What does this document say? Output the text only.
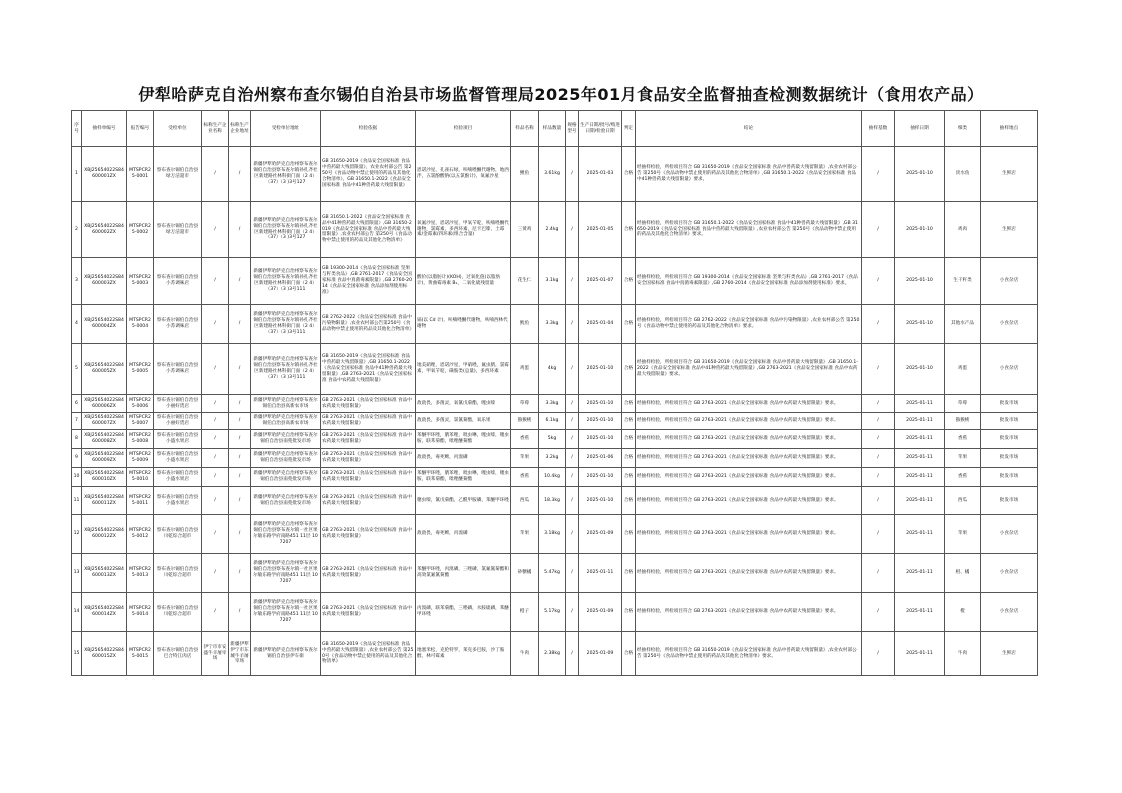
伊犁哈萨克自治州察布查尔锡伯自治县市场监督管理局2025年01月食品安全监督抽查检测数据统计（食用农产品）
序号	抽样单编号	报告编号	受检单位	标称生产企业名称	标称生产企业地址	受检单位地址	检验依据	检验项目	样品名称	样品数量	规格型号	生产日期/批号/购进日期/检验日期	判定	结论	抽样基数	抽样日期	细类	抽样地点
1	XBJ25654022S84600001ZX	MTSPCR25-0001	察布查尔锡伯自治县绿万洁超市	/	/	新疆伊犁哈萨克自治州察布查尔锡伯自治县察布查尔镇孙扎齐社区新建路社林科街门面（2 4）（37）（3 )3号127	GB 31650-2019《食品安全国家标准 食品中兽药最大残留限量》，农业农村部公告 第250号《食品动物中禁止使用的药品及其他化合物清单》，GB 31650.1-2022《食品安全国家标准 食品中41种兽药最大残留限量》	恩诺沙星，孔雀石绿，呋喃唑酮代谢物，地西泮，五氯酚酸钠(以五氯酚计)，氧氟沙星	鲤鱼	3.61kg	/	2025-01-03	合格	经抽样检验，所检项目符合 GB 31650-2019《食品安全国家标准 食品中兽药最大残留限量》,农业农村部公告 第250号《食品动物中禁止使用的药品及其他化合物清单》,GB 31650.1-2022《食品安全国家标准 食品中41种兽药最大残留限量》要求。	/	2025-01-10	淡水鱼	生鲜店
2	XBJ25654022S84600002ZX	MTSPCR25-0002	察布查尔锡伯自治县绿万洁超市	/	/	新疆伊犁哈萨克自治州察布查尔锡伯自治县察布查尔镇孙扎齐社区新建路社林科街门面（2 4）（37）（3 )3号127	GB 31650.1-2022《食品安全国家标准 食品中41种兽药最大残留限量》,GB 31650-2019《食品安全国家标准 食品中兽药最大残留限量》,农业农村部公告 第250号《食品动物中禁止使用的药品及其他化合物清单》	氧氟沙星，恩诺沙星，甲氧苄啶，呋喃唑酮代谢物，氯霉素，多西环素，尼卡巴嗪，土霉素/金霉素/四环素(组合含量)	三黄鸡	2.4kg	/	2025-01-05	合格	经抽样检验，所检项目符合 GB 31650.1-2022《食品安全国家标准 食品中41种兽药最大残留限量》,GB 31650-2019《食品安全国家标准 食品中兽药最大残留限量》,农业农村部公告 第250号《食品动物中禁止使用的药品及其他化合物清单》要求。	/	2025-01-10	鸡肉	生鲜店
3	XBJ25654022S84600003ZX	MTSPCR25-0003	察布查尔锡伯自治县小苏调味店	/	/	新疆伊犁哈萨克自治州察布查尔锡伯自治县察布查尔镇孙扎齐社区新建路社林科街门面（2 4）（37）（3 )3号111	GB 19300-2014《食品安全国家标准 坚果与籽类食品》,GB 2761-2017《食品安全国家标准 食品中真菌毒素限量》,GB 2760-2014《食品安全国家标准 食品添加剂使用标准》	酸价(以脂肪计)(KOH)，过氧化值(以脂肪计)，黄曲霉毒素 B₁，二氧化硫残留量	花生仁	3.1kg	/	2025-01-07	合格	经抽样检验，所检项目符合 GB 19300-2014《食品安全国家标准 坚果与籽类食品》,GB 2761-2017《食品安全国家标准 食品中真菌毒素限量》,GB 2760-2014《食品安全国家标准 食品添加剂使用标准》要求。	/	2025-01-10	生干籽类	小食杂店
4	XBJ25654022S84600004ZX	MTSPCR25-0004	察布查尔锡伯自治县小苏调味店	/	/	新疆伊犁哈萨克自治州察布查尔锡伯自治县察布查尔镇孙扎齐社区新建路社林科街门面（2 4）（37）（3 )3号111	GB 2762-2022《食品安全国家标准 食品中污染物限量》,农业农村部公告第250号《食品动物中禁止使用的药品及其他化合物清单》	镉(以 Cd 计)，呋喃唑酮代谢物，呋喃西林代谢物	鱿鱼	3.3kg	/	2025-01-04	合格	经抽样检验，所检项目符合 GB 2762-2022《食品安全国家标准 食品中污染物限量》,农业农村部公告 第250号《食品动物中禁止使用的药品及其他化合物清单》要求。	/	2025-01-10	其他水产品	小食杂店
5	XBJ25654022S84600005ZX	MTSPCR25-0005	察布查尔锡伯自治县小苏调味店	/	/	新疆伊犁哈萨克自治州察布查尔锡伯自治县察布查尔镇孙扎齐社区新建路社林科街门面（2 4）（37）（3 )3号111	GB 31650-2019《食品安全国家标准 食品中兽药最大残留限量》,GB 31650.1-2022《食品安全国家标准 食品中41种兽药最大残留限量》,GB 2763-2021《食品安全国家标准 食品中农药最大残留限量》	地美硝唑，恩诺沙星，甲硝唑，氟虫腈，氯霉素，甲氧苄啶，磺胺类(总量)，多西环素	鸡蛋	4kg	/	2025-01-10	合格	经抽样检验，所检项目符合 GB 31650-2019《食品安全国家标准 食品中兽药最大残留限量》,GB 31650.1-2022《食品安全国家标准 食品中41种兽药最大残留限量》,GB 2763-2021《食品安全国家标准 食品中农药最大残留限量》要求。	/	2025-01-10	鸡蛋	小食杂店
6	XBJ25654022S84600006ZX	MTSPCR25-0006	察布查尔锡伯自治县小丽好货店	/	/	新疆伊犁哈萨克自治州察布查尔锡伯自治县高新农市场	GB 2763-2021《食品安全国家标准 食品中农药最大残留限量》	敌敌畏，多菌灵，氧氰戊菊酯，噻虫嗪	草莓	3.3kg	/	2025-01-10	合格	经抽样检验，所检项目符合 GB 2763-2021《食品安全国家标准 食品中农药最大残留限量》要求。	/	2025-01-11	草莓	批发市场
7	XBJ25654022S84600007ZX	MTSPCR25-0007	察布查尔锡伯自治县小丽好货店	/	/	新疆伊犁哈萨克自治州察布查尔锡伯自治县高新农市场	GB 2763-2021《食品安全国家标准 食品中农药最大残留限量》	敌敌畏，多菌灵，氯氰菊酯，氧乐果	猕猴桃	6.1kg	/	2025-01-10	合格	经抽样检验，所检项目符合 GB 2763-2021《食品安全国家标准 食品中农药最大残留限量》要求。	/	2025-01-11	猕猴桃	批发市场
8	XBJ25654022S84600008ZX	MTSPCR25-0008	察布查尔锡伯自治县小盛水果店	/	/	新疆伊犁哈萨克自治州察布查尔锡伯自治县南苑批发市场	GB 2763-2021《食品安全国家标准 食品中农药最大残留限量》	苯醚甲环唑，腈苯唑，吡虫啉，噻虫嗪，噻虫胺，联苯菊酯，吡唑醚菊酯	香蕉	5kg	/	2025-01-10	合格	经抽样检验，所检项目符合 GB 2763-2021《食品安全国家标准 食品中农药最大残留限量》要求。	/	2025-01-11	香蕉	批发市场
9	XBJ25654022S84600009ZX	MTSPCR25-0009	察布查尔锡伯自治县小盛水果店	/	/	新疆伊犁哈萨克自治州察布查尔锡伯自治县南苑批发市场	GB 2763-2021《食品安全国家标准 食品中农药最大残留限量》	敌敌畏，毒死蜱，丙溴磷	苹果	3.2kg	/	2025-01-06	合格	经抽样检验，所检项目符合 GB 2763-2021《食品安全国家标准 食品中农药最大残留限量》要求。	/	2025-01-11	苹果	批发市场
10	XBJ25654022S84600010ZX	MTSPCR25-0010	察布查尔锡伯自治县小盛水果店	/	/	新疆伊犁哈萨克自治州察布查尔锡伯自治县南苑批发市场	GB 2763-2021《食品安全国家标准 食品中农药最大残留限量》	苯醚甲环唑，腈苯唑，吡虫啉，噻虫嗪，噻虫胺，联苯菊酯，吡唑醚菊酯	香蕉	10.4kg	/	2025-01-10	合格	经抽样检验，所检项目符合 GB 2763-2021《食品安全国家标准 食品中农药最大残留限量》要求。	/	2025-01-11	香蕉	批发市场
11	XBJ25654022S84600011ZX	MTSPCR25-0011	察布查尔锡伯自治县小盛水果店	/	/	新疆伊犁哈萨克自治州察布查尔锡伯自治县南苑批发市场	GB 2763-2021《食品安全国家标准 食品中农药最大残留限量》	噻虫嗪，氰戊菊酯，乙酰甲胺磷，苯醚甲环唑	西瓜	18.3kg	/	2025-01-10	合格	经抽样检验，所检项目符合 GB 2763-2021《食品安全国家标准 食品中农药最大残留限量》要求。	/	2025-01-11	西瓜	批发市场
12	XBJ25654022S84600012ZX	MTSPCR25-0012	察布查尔锡伯自治县川乾综合超市	/	/	新疆伊犁哈萨克自治州察布查尔锡伯自治县察布查尔镇一社区果尔敏东路学府南路451 11层 107207	GB 2763-2021《食品安全国家标准 食品中农药最大残留限量》	敌敌畏，毒死蜱，丙溴磷	苹果	3.18kg	/	2025-01-09	合格	经抽样检验，所检项目符合 GB 2763-2021《食品安全国家标准 食品中农药最大残留限量》要求。	/	2025-01-11	苹果	小食杂店
13	XBJ25654022S84600013ZX	MTSPCR25-0013	察布查尔锡伯自治县川乾综合超市	/	/	新疆伊犁哈萨克自治州察布查尔锡伯自治县察布查尔镇一社区果尔敏东路学府南路451 11层 107207	GB 2763-2021《食品安全国家标准 食品中农药最大残留限量》	苯醚甲环唑，丙溴磷，三唑磷，氯氟氰菊酯和高效氯氟氰菊酯	砂糖橘	5.47kg	/	2025-01-11	合格	经抽样检验，所检项目符合 GB 2763-2021《食品安全国家标准 食品中农药最大残留限量》要求。	/	2025-01-11	柑、橘	小食杂店
14	XBJ25654022S84600014ZX	MTSPCR25-0014	察布查尔锡伯自治县川乾综合超市	/	/	新疆伊犁哈萨克自治州察布查尔锡伯自治县察布查尔镇一社区果尔敏东路学府南路451 11层 107207	GB 2763-2021《食品安全国家标准 食品中农药最大残留限量》	丙溴磷，联苯菊酯，三唑磷，水胺硫磷，苯醚甲环唑	橙子	5.17kg	/	2025-01-09	合格	经抽样检验，所检项目符合 GB 2763-2021《食品安全国家标准 食品中农药最大残留限量》要求。	/	2025-01-11	橙	小食杂店
15	XBJ25654022S84600015ZX	MTSPCR25-0015	察布查尔锡伯自治县巴合特江肉店	伊宁市市安盛牛羊屠宰场	新疆伊犁伊宁市东城牛羊屠宰场	新疆伊犁哈萨克自治州察布查尔锡伯自治县伊车街	GB 31650-2019《食品安全国家标准 食品中兽药最大残留限量》,农业农村部公告 第250号《食品动物中禁止使用的药品及其他化合物清单》	地塞米松，克伦特罗，莱克多巴胺，沙丁胺醇，林可霉素	牛肉	2.38kg	/	2025-01-09	合格	经抽样检验，所检项目符合 GB 31650-2019《食品安全国家标准 食品中兽药最大残留限量》,农业农村部公告 第250号《食品动物中禁止使用的药品及其他化合物清单》要求。	/	2025-01-11	牛肉	生鲜店
